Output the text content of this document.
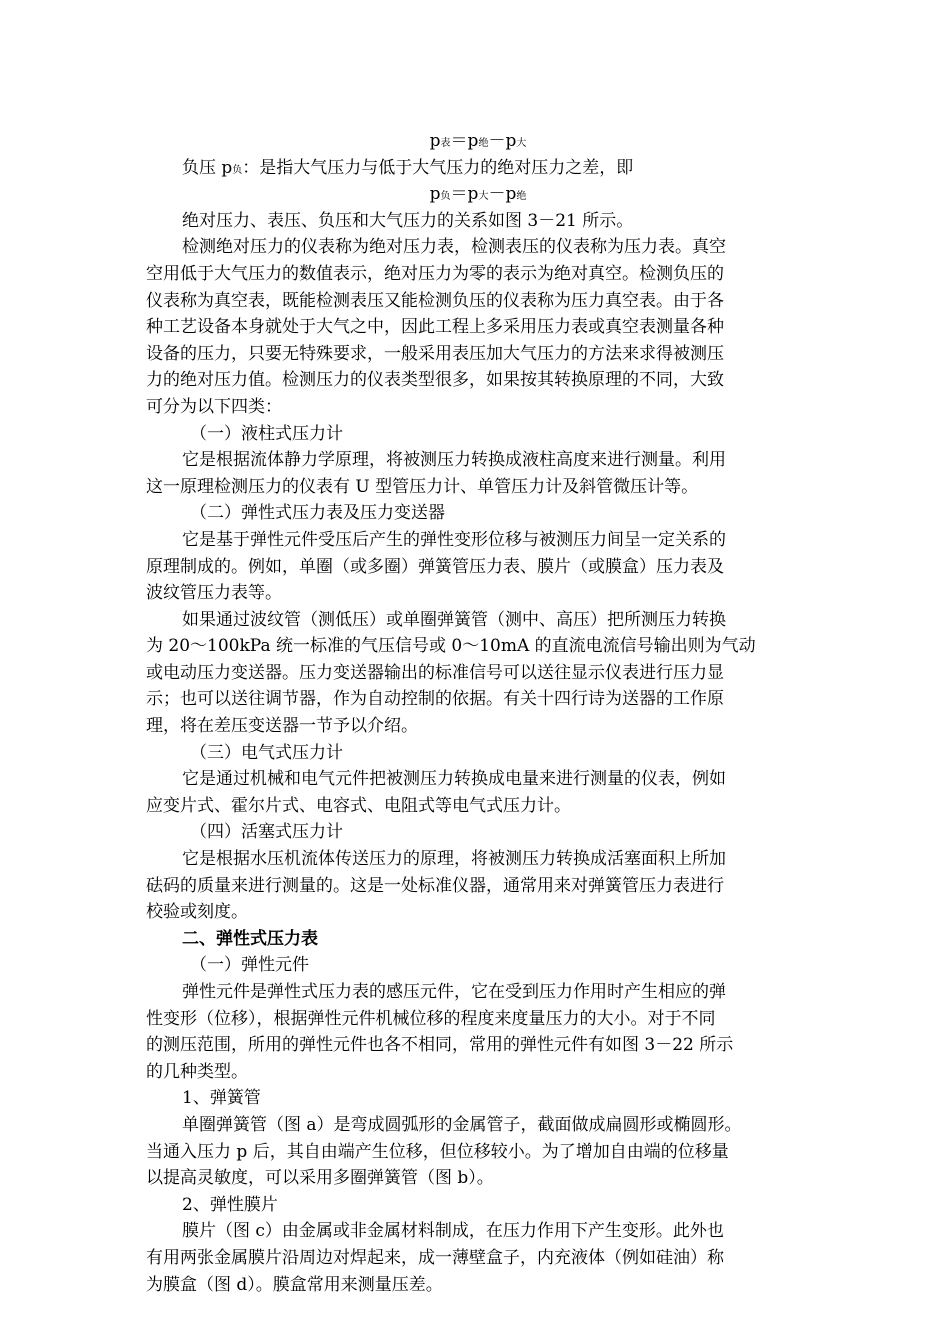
p表＝p绝－p大
负压 p负：是指大气压力与低于大气压力的绝对压力之差，即
p负＝p大－p绝
绝对压力、表压、负压和大气压力的关系如图 3－21 所示。
检测绝对压力的仪表称为绝对压力表，检测表压的仪表称为压力表。真空
空用低于大气压力的数值表示，绝对压力为零的表示为绝对真空。检测负压的
仪表称为真空表，既能检测表压又能检测负压的仪表称为压力真空表。由于各
种工艺设备本身就处于大气之中，因此工程上多采用压力表或真空表测量各种
设备的压力，只要无特殊要求，一般采用表压加大气压力的方法来求得被测压
力的绝对压力值。检测压力的仪表类型很多，如果按其转换原理的不同，大致
可分为以下四类：
（一）液柱式压力计
它是根据流体静力学原理，将被测压力转换成液柱高度来进行测量。利用
这一原理检测压力的仪表有 U 型管压力计、单管压力计及斜管微压计等。
（二）弹性式压力表及压力变送器
它是基于弹性元件受压后产生的弹性变形位移与被测压力间呈一定关系的
原理制成的。例如，单圈（或多圈）弹簧管压力表、膜片（或膜盒）压力表及
波纹管压力表等。
如果通过波纹管（测低压）或单圈弹簧管（测中、高压）把所测压力转换
为 20～100kPa 统一标准的气压信号或 0～10mA 的直流电流信号输出则为气动
或电动压力变送器。压力变送器输出的标准信号可以送往显示仪表进行压力显
示；也可以送往调节器，作为自动控制的依据。有关十四行诗为送器的工作原
理，将在差压变送器一节予以介绍。
（三）电气式压力计
它是通过机械和电气元件把被测压力转换成电量来进行测量的仪表，例如
应变片式、霍尔片式、电容式、电阻式等电气式压力计。
（四）活塞式压力计
它是根据水压机流体传送压力的原理，将被测压力转换成活塞面积上所加
砝码的质量来进行测量的。这是一处标准仪器，通常用来对弹簧管压力表进行
校验或刻度。
二、弹性式压力表
（一）弹性元件
弹性元件是弹性式压力表的感压元件，它在受到压力作用时产生相应的弹
性变形（位移），根据弹性元件机械位移的程度来度量压力的大小。对于不同
的测压范围，所用的弹性元件也各不相同，常用的弹性元件有如图 3－22 所示
的几种类型。
1、弹簧管
单圈弹簧管（图 a）是弯成圆弧形的金属管子，截面做成扁圆形或椭圆形。
当通入压力 p 后，其自由端产生位移，但位移较小。为了增加自由端的位移量
以提高灵敏度，可以采用多圈弹簧管（图 b）。
2、弹性膜片
膜片（图 c）由金属或非金属材料制成，在压力作用下产生变形。此外也
有用两张金属膜片沿周边对焊起来，成一薄壁盒子，内充液体（例如硅油）称
为膜盒（图 d）。膜盒常用来测量压差。
